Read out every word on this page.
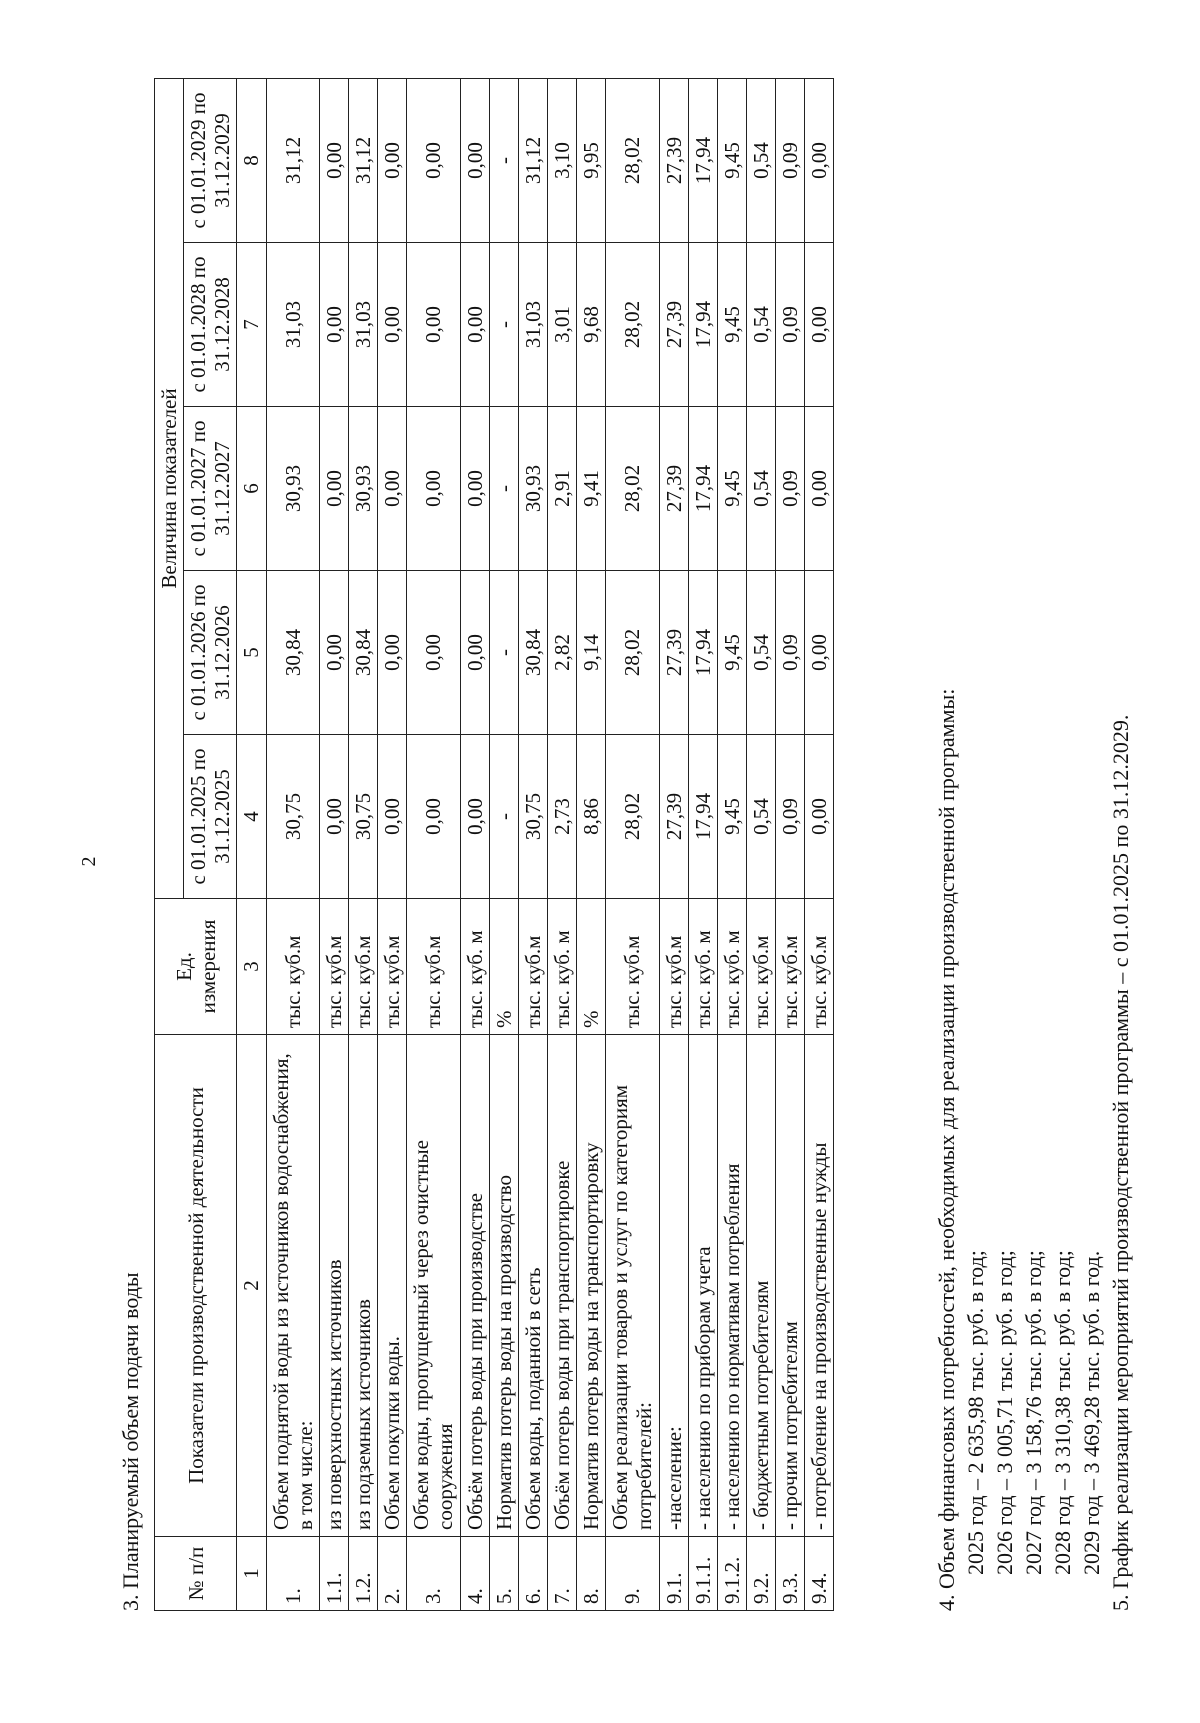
2
3. Планируемый объем подачи воды № п/п	Показатели производственной деятельности	Ед. измерения	Величина показателей				
			с 01.01.2025 по 31.12.2025	с 01.01.2026 по 31.12.2026	с 01.01.2027 по 31.12.2027	с 01.01.2028 по 31.12.2028	с 01.01.2029 по 31.12.2029
1	2	3	4	5	6	7	8
1.	Объем поднятой воды из источников водоснабжения, в том числе:	тыс. куб.м	30,75	30,84	30,93	31,03	31,12
1.1.	из поверхностных источников	тыс. куб.м	0,00	0,00	0,00	0,00	0,00
1.2.	из подземных источников	тыс. куб.м	30,75	30,84	30,93	31,03	31,12
2.	Объем покупки воды.	тыс. куб.м	0,00	0,00	0,00	0,00	0,00
3.	Объем воды, пропущенный через очистные сооружения	тыс. куб.м	0,00	0,00	0,00	0,00	0,00
4.	Объём потерь воды при производстве	тыс. куб. м	0,00	0,00	0,00	0,00	0,00
5.	Норматив потерь воды на производство	%	-	-	-	-	-
6.	Объем воды, поданной в сеть	тыс. куб.м	30,75	30,84	30,93	31,03	31,12
7.	Объём потерь воды при транспортировке	тыс. куб. м	2,73	2,82	2,91	3,01	3,10
8.	Норматив потерь воды на транспортировку	%	8,86	9,14	9,41	9,68	9,95
9.	Объем реализации товаров и услуг по категориям потребителей:	тыс. куб.м	28,02	28,02	28,02	28,02	28,02
9.1.	-население:	тыс. куб.м	27,39	27,39	27,39	27,39	27,39
9.1.1.	- населению по приборам учета	тыс. куб. м	17,94	17,94	17,94	17,94	17,94
9.1.2.	- населению по нормативам потребления	тыс. куб. м	9,45	9,45	9,45	9,45	9,45
9.2.	- бюджетным потребителям	тыс. куб.м	0,54	0,54	0,54	0,54	0,54
9.3.	- прочим потребителям	тыс. куб.м	0,09	0,09	0,09	0,09	0,09
9.4.	- потребление на производственные нужды	тыс. куб.м	0,00	0,00	0,00	0,00	0,00
4. Объем финансовых потребностей, необходимых для реализации производственной программы: 2025 год – 2 635,98 тыс. руб. в год; 2026 год – 3 005,71 тыс. руб. в год; 2027 год – 3 158,76 тыс. руб. в год; 2028 год – 3 310,38 тыс. руб. в год; 2029 год – 3 469,28 тыс. руб. в год. 5. График реализации мероприятий производственной программы – с 01.01.2025 по 31.12.2029.
